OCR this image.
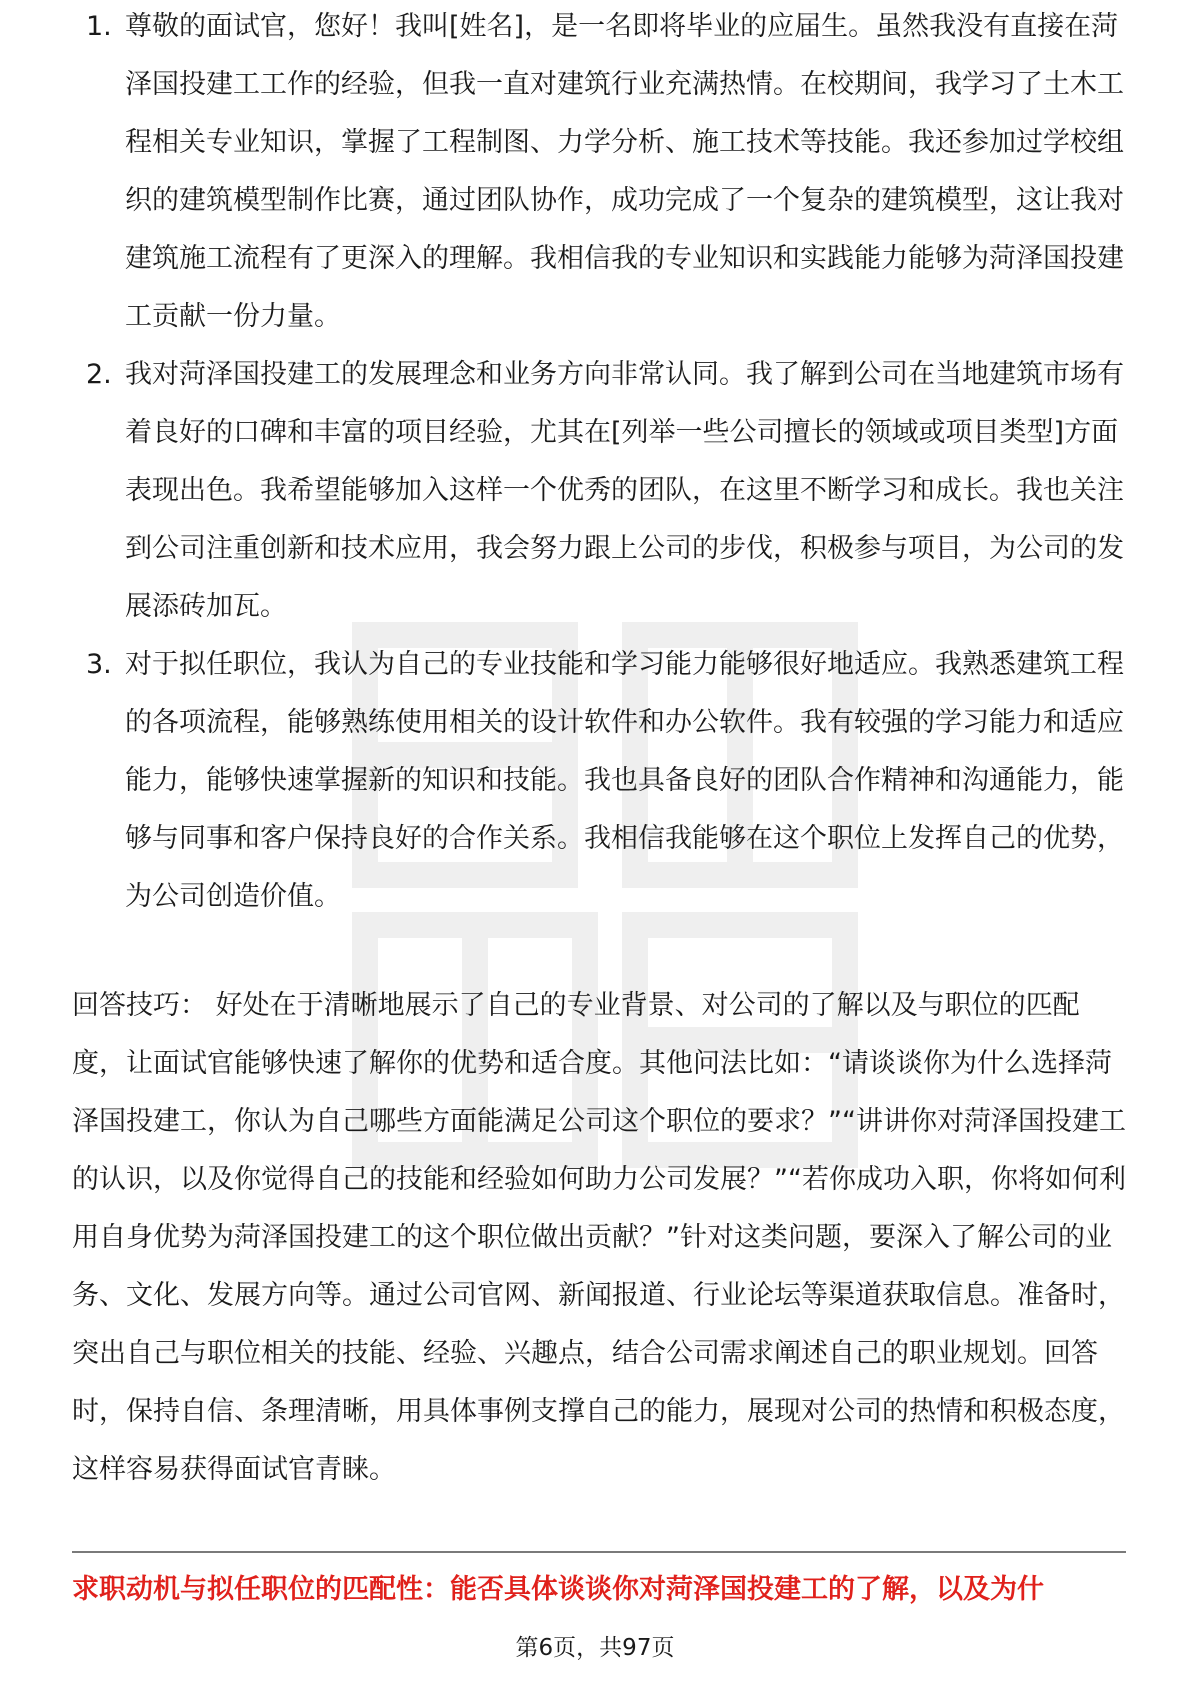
1. 尊敬的面试官，您好！我叫[姓名]，是一名即将毕业的应届生。虽然我没有直接在菏泽国投建工工作的经验，但我一直对建筑行业充满热情。在校期间，我学习了土木工程相关专业知识，掌握了工程制图、力学分析、施工技术等技能。我还参加过学校组织的建筑模型制作比赛，通过团队协作，成功完成了一个复杂的建筑模型，这让我对建筑施工流程有了更深入的理解。我相信我的专业知识和实践能力能够为菏泽国投建工贡献一份力量。
2. 我对菏泽国投建工的发展理念和业务方向非常认同。我了解到公司在当地建筑市场有着良好的口碑和丰富的项目经验，尤其在[列举一些公司擅长的领域或项目类型]方面表现出色。我希望能够加入这样一个优秀的团队，在这里不断学习和成长。我也关注到公司注重创新和技术应用，我会努力跟上公司的步伐，积极参与项目，为公司的发展添砖加瓦。
3. 对于拟任职位，我认为自己的专业技能和学习能力能够很好地适应。我熟悉建筑工程的各项流程，能够熟练使用相关的设计软件和办公软件。我有较强的学习能力和适应能力，能够快速掌握新的知识和技能。我也具备良好的团队合作精神和沟通能力，能够与同事和客户保持良好的合作关系。我相信我能够在这个职位上发挥自己的优势，为公司创造价值。
回答技巧： 好处在于清晰地展示了自己的专业背景、对公司的了解以及与职位的匹配度，让面试官能够快速了解你的优势和适合度。其他问法比如：“请谈谈你为什么选择菏泽国投建工，你认为自己哪些方面能满足公司这个职位的要求？”“讲讲你对菏泽国投建工的认识，以及你觉得自己的技能和经验如何助力公司发展？”“若你成功入职，你将如何利用自身优势为菏泽国投建工的这个职位做出贡献？”针对这类问题，要深入了解公司的业务、文化、发展方向等。通过公司官网、新闻报道、行业论坛等渠道获取信息。准备时，突出自己与职位相关的技能、经验、兴趣点，结合公司需求阐述自己的职业规划。回答时，保持自信、条理清晰，用具体事例支撑自己的能力，展现对公司的热情和积极态度，这样容易获得面试官青睐。
求职动机与拟任职位的匹配性：能否具体谈谈你对菏泽国投建工的了解，以及为什
第6页，共97页
